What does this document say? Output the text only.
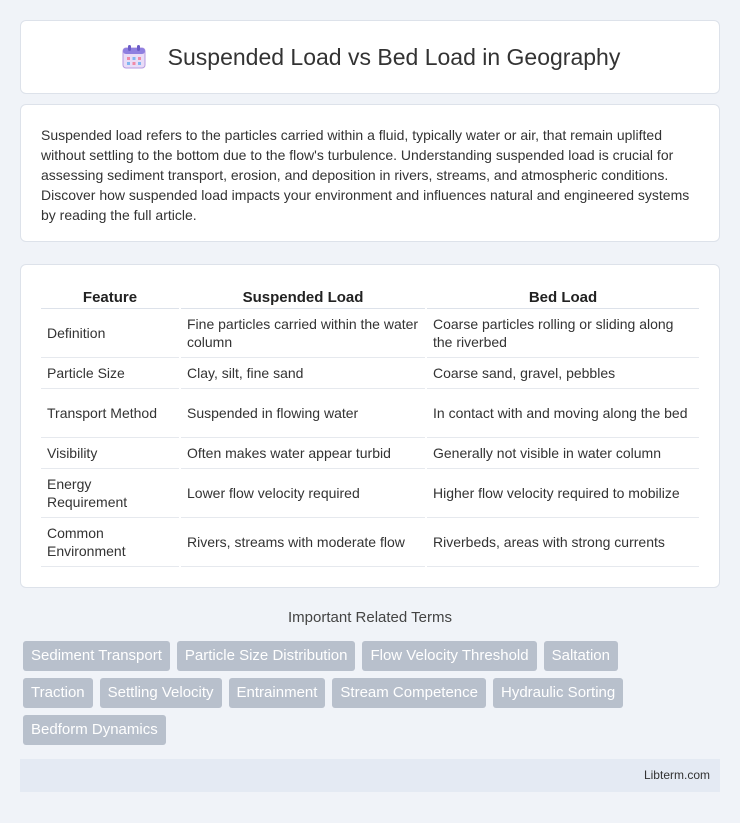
Suspended Load vs Bed Load in Geography

Suspended load refers to the particles carried within a fluid, typically water or air, that remain uplifted without settling to the bottom due to the flow's turbulence. Understanding suspended load is crucial for assessing sediment transport, erosion, and deposition in rivers, streams, and atmospheric conditions. Discover how suspended load impacts your environment and influences natural and engineered systems by reading the full article.

Feature	Suspended Load	Bed Load
Definition	Fine particles carried within the water column	Coarse particles rolling or sliding along the riverbed
Particle Size	Clay, silt, fine sand	Coarse sand, gravel, pebbles
Transport Method	Suspended in flowing water	In contact with and moving along the bed
Visibility	Often makes water appear turbid	Generally not visible in water column
Energy Requirement	Lower flow velocity required	Higher flow velocity required to mobilize
Common Environment	Rivers, streams with moderate flow	Riverbeds, areas with strong currents
Important Related Terms
Sediment Transport	Particle Size Distribution	Flow Velocity Threshold	Saltation
Traction	Settling Velocity	Entrainment	Stream Competence	Hydraulic Sorting
Bedform Dynamics
Libterm.com
